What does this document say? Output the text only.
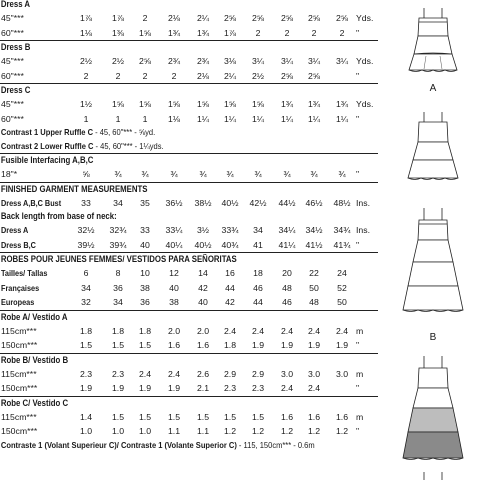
Dress A
45"***	1⅞	1⅞	2	2⅛	2¼	2⅝	2⅝	2⅝	2⅝	2⅝ Yds.
60"***	1⅛	1⅜	1⅝	1¾	1¾	1⅞	2	2	2	2	"
Dress B
45"***	2½	2½	2⅝	2¾	2¾	3⅛	3¼	3¼	3¼	3¼ Yds.
60"***	2	2	2	2	2⅛	2¼	2½	2⅝	2⅝	"
Dress C
45"***	1½	1⅝	1⅝	1⅝	1⅝	1⅝	1⅝	1¾	1¾	1¾ Yds.
60"***	1	1	1	1⅛	1¼	1¼	1¼	1¼	1¼	1¼ "
Contrast 1 Upper Ruffle C - 45, 60"*** - ⅝yd.
Contrast 2 Lower Ruffle C - 45, 60"*** - 1¼yds.
Fusible Interfacing A,B,C
18"*	⅝	¾	¾	¾	¾	¾	¾	¾	¾	¾	"
FINISHED GARMENT MEASUREMENTS
Dress A,B,C Bust	33	34	35	36½	38½	40½	42½	44½	46½	48½ Ins.
Back length from base of neck:
Dress A	32½	32¾	33	33¼	3½	33¾	34	34¼	34½	34¾ Ins.
Dress B,C	39½	39¾	40	40¼	40½	40¾	41	41¼	41½	41¾ "
ROBES POUR JEUNES FEMMES/ VESTIDOS PARA SEÑORITAS
Tailles/ Tallas	6	8	10	12	14	16	18	20	22	24
Françaises	34	36	38	40	42	44	46	48	50	52
Europeas	32	34	36	38	40	42	44	46	48	50
Robe A/ Vestido A
115cm***	1.8	1.8	1.8	2.0	2.0	2.4	2.4	2.4	2.4	2.4 m
150cm***	1.5	1.5	1.5	1.6	1.6	1.8	1.9	1.9	1.9	1.9 "
Robe B/ Vestido B
115cm***	2.3	2.3	2.4	2.4	2.6	2.9	2.9	3.0	3.0	3.0 m
150cm***	1.9	1.9	1.9	1.9	2.1	2.3	2.3	2.4	2.4	"
Robe C/ Vestido C
115cm***	1.4	1.5	1.5	1.5	1.5	1.5	1.5	1.6	1.6	1.6 m
150cm***	1.0	1.0	1.0	1.1	1.1	1.2	1.2	1.2	1.2	1.2 "
Contraste 1 (Volant Superieur C)/ Contraste 1 (Volante Superior C) - 115, 150cm*** - 0.6m
A
B
